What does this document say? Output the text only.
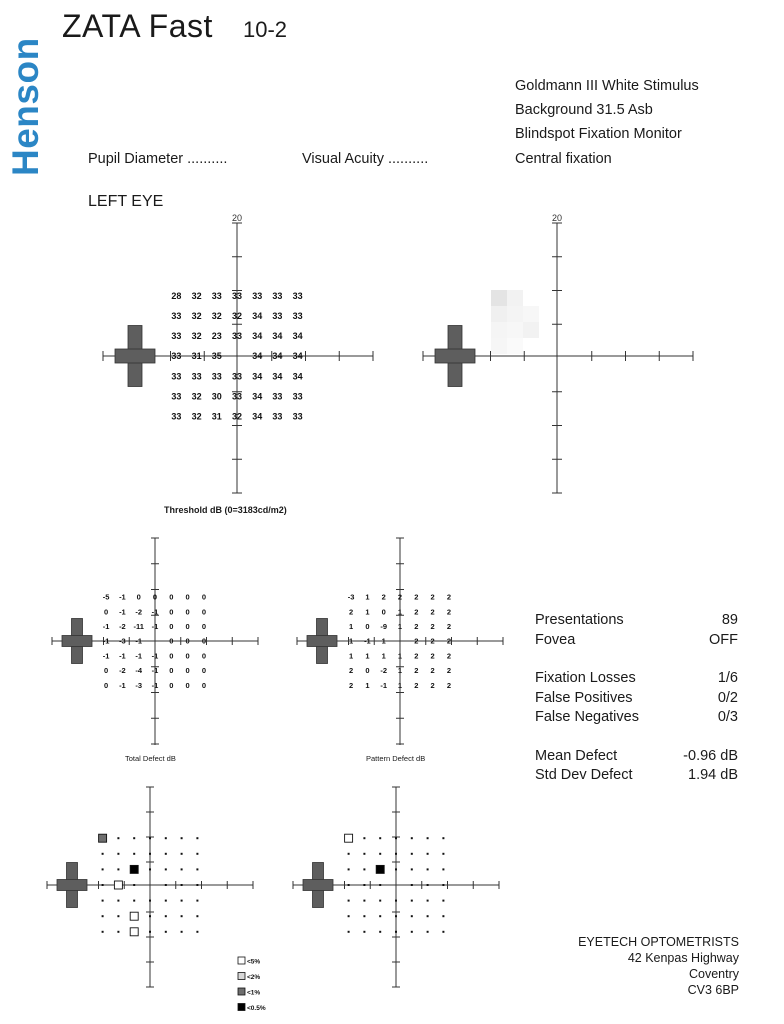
Henson
ZATA Fast 10-2
Goldmann III White Stimulus
Background 31.5 Asb
Blindspot Fixation Monitor
Central fixation
Pupil Diameter ..........	Visual Acuity ..........
LEFT EYE
20
28 32 33 33 33 33 33
33 32 32 32 34 33 33
33 32 23 33 34 34 34
33 31 35	34 34 34
33 33 33 33 34 34 34
33 32 30 33 34 33 33
33 32 31 32 34 33 33
20
-5 -1 0 0 0 0 0
0 -1 -2 -1 0 0 0
-1 -2 -11 -1 0 0 0
-1 -3 -1	0 0 0
-1 -1 -1 -1 0 0 0
0 -2 -4 -1 0 0 0
0 -1 -3 -1 0 0 0
-3 1 2 2 2 2 2
2 1 0 1 2 2 2
1 0 -9 1 2 2 2
1 -1 1	2 2 2
1 1 1 1 2 2 2
2 0 -2 1 2 2 2
2 1 -1 1 2 2 2
<5%
<2%
<1%
<0.5%
Threshold dB (0=3183cd/m2)
Total Defect dB	Pattern Defect dB
Presentations	89
Fovea	OFF
Fixation Losses	1/6
False Positives	0/2
False Negatives	0/3
Mean Defect	-0.96 dB
Std Dev Defect	1.94 dB
EYETECH OPTOMETRISTS
42 Kenpas Highway
Coventry
CV3 6BP
